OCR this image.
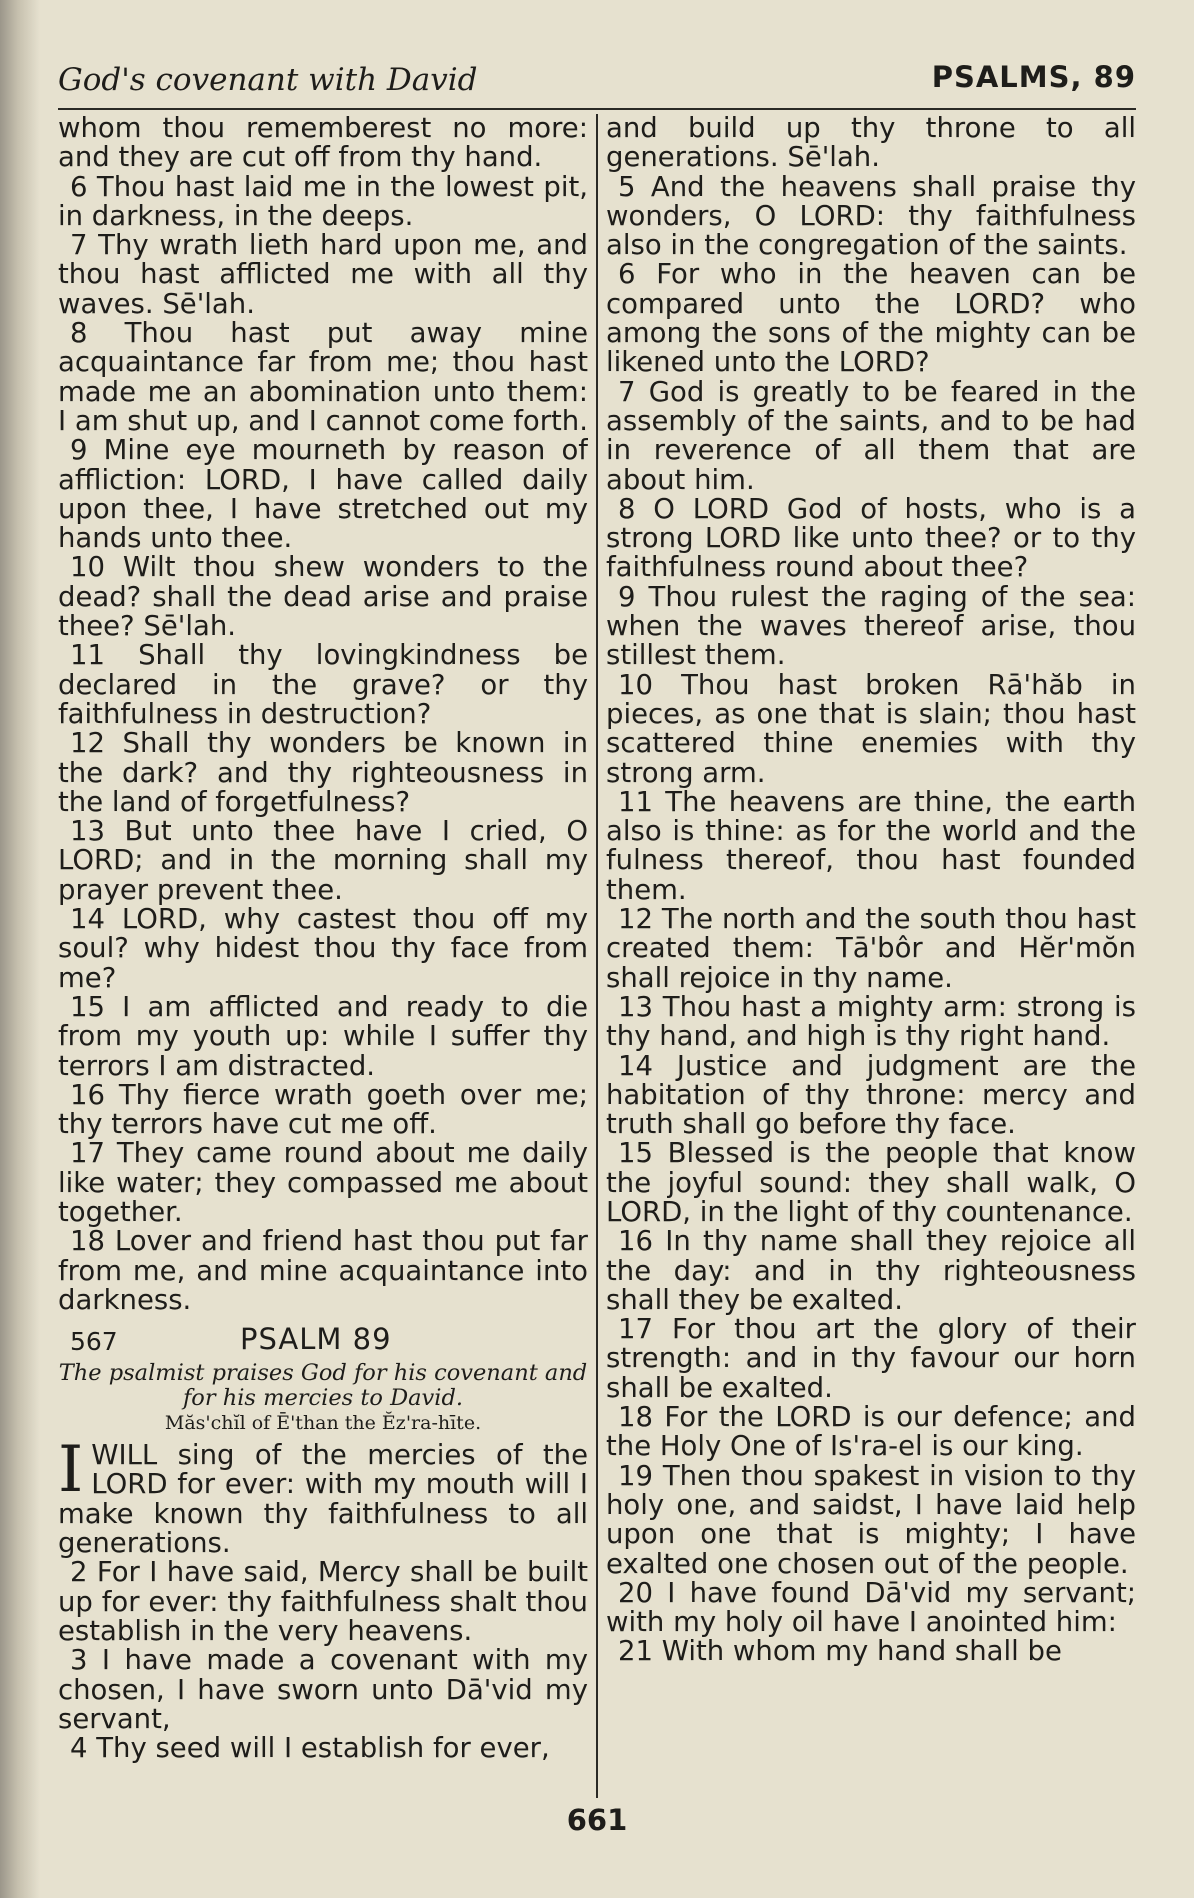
God's covenant with David	PSALMS, 89

whom thou rememberest no more: and they are cut off from thy hand.

6 Thou hast laid me in the lowest pit, in darkness, in the deeps.

7 Thy wrath lieth hard upon me, and thou hast afflicted me with all thy waves. Sē'lah.

8 Thou hast put away mine acquaintance far from me; thou hast made me an abomination unto them: I am shut up, and I cannot come forth.

9 Mine eye mourneth by reason of affliction: LORD, I have called daily upon thee, I have stretched out my hands unto thee.

10 Wilt thou shew wonders to the dead? shall the dead arise and praise thee? Sē'lah.

11 Shall thy lovingkindness be declared in the grave? or thy faithfulness in destruction?

12 Shall thy wonders be known in the dark? and thy righteousness in the land of forgetfulness?

13 But unto thee have I cried, O LORD; and in the morning shall my prayer prevent thee.

14 LORD, why castest thou off my soul? why hidest thou thy face from me?

15 I am afflicted and ready to die from my youth up: while I suffer thy terrors I am distracted.

16 Thy fierce wrath goeth over me; thy terrors have cut me off.

17 They came round about me daily like water; they compassed me about together.

18 Lover and friend hast thou put far from me, and mine acquaintance into darkness.

567	PSALM 89

The psalmist praises God for his covenant and for his mercies to David.

Măs'chĭl of Ē'than the Ĕz'ra-hīte.

I WILL sing of the mercies of the LORD for ever: with my mouth will I make known thy faithfulness to all generations.

2 For I have said, Mercy shall be built up for ever: thy faithfulness shalt thou establish in the very heavens.

3 I have made a covenant with my chosen, I have sworn unto Dā'vid my servant,

4 Thy seed will I establish for ever,

and build up thy throne to all generations. Sē'lah.

5 And the heavens shall praise thy wonders, O LORD: thy faithfulness also in the congregation of the saints.

6 For who in the heaven can be compared unto the LORD? who among the sons of the mighty can be likened unto the LORD?

7 God is greatly to be feared in the assembly of the saints, and to be had in reverence of all them that are about him.

8 O LORD God of hosts, who is a strong LORD like unto thee? or to thy faithfulness round about thee?

9 Thou rulest the raging of the sea: when the waves thereof arise, thou stillest them.

10 Thou hast broken Rā'hăb in pieces, as one that is slain; thou hast scattered thine enemies with thy strong arm.

11 The heavens are thine, the earth also is thine: as for the world and the fulness thereof, thou hast founded them.

12 The north and the south thou hast created them: Tā'bôr and Hĕr'mŏn shall rejoice in thy name.

13 Thou hast a mighty arm: strong is thy hand, and high is thy right hand.

14 Justice and judgment are the habitation of thy throne: mercy and truth shall go before thy face.

15 Blessed is the people that know the joyful sound: they shall walk, O LORD, in the light of thy countenance.

16 In thy name shall they rejoice all the day: and in thy righteousness shall they be exalted.

17 For thou art the glory of their strength: and in thy favour our horn shall be exalted.

18 For the LORD is our defence; and the Holy One of Is'ra-el is our king.

19 Then thou spakest in vision to thy holy one, and saidst, I have laid help upon one that is mighty; I have exalted one chosen out of the people.

20 I have found Dā'vid my servant; with my holy oil have I anointed him:

21 With whom my hand shall be

661
